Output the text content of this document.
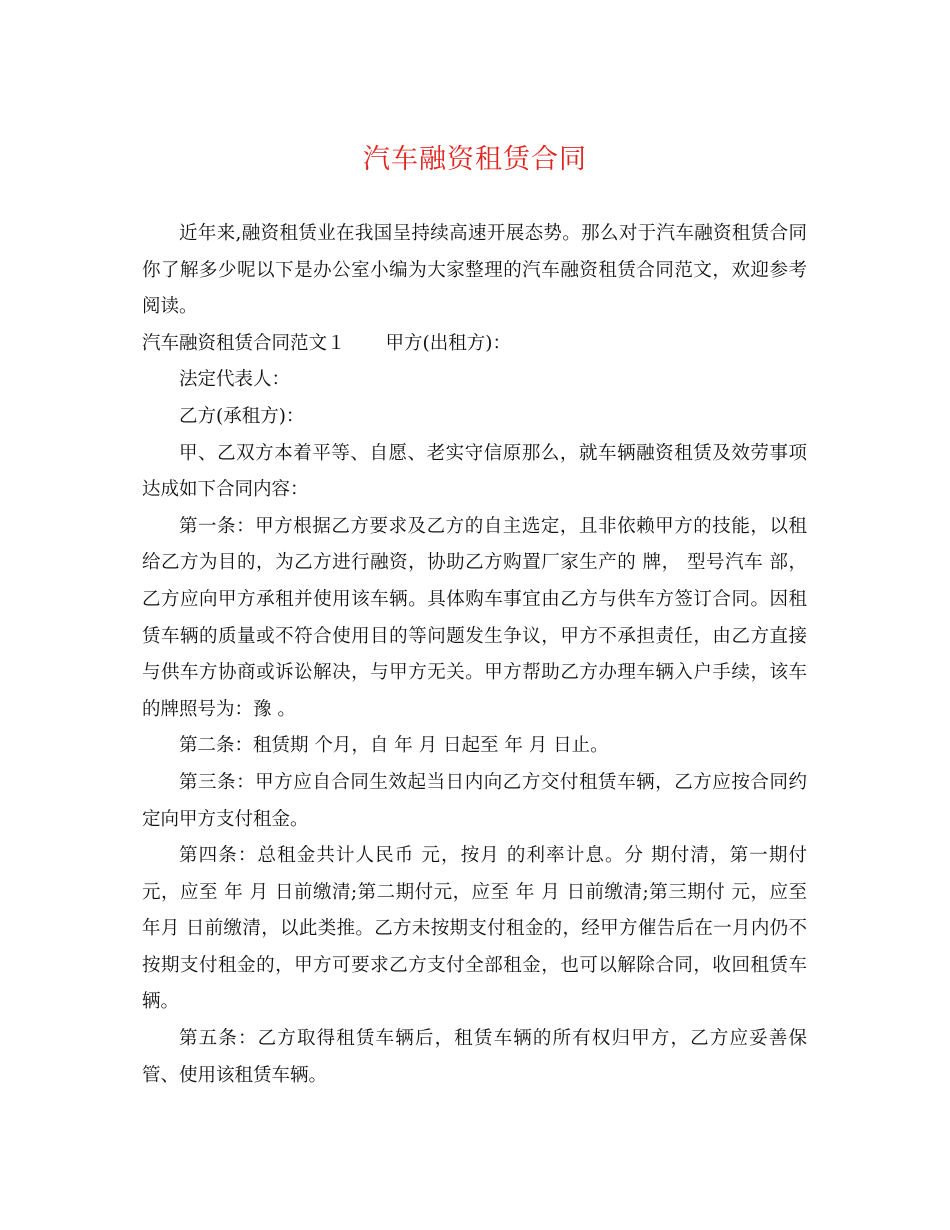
汽车融资租赁合同

近年来,融资租赁业在我国呈持续高速开展态势。那么对于汽车融资租赁合同你了解多少呢以下是办公室小编为大家整理的汽车融资租赁合同范文，欢迎参考阅读。

汽车融资租赁合同范文１ 甲方(出租方)：

法定代表人：

乙方(承租方)：

甲、乙双方本着平等、自愿、老实守信原那么，就车辆融资租赁及效劳事项达成如下合同内容：

第一条：甲方根据乙方要求及乙方的自主选定，且非依赖甲方的技能，以租给乙方为目的，为乙方进行融资，协助乙方购置厂家生产的 牌， 型号汽车 部，乙方应向甲方承租并使用该车辆。具体购车事宜由乙方与供车方签订合同。因租赁车辆的质量或不符合使用目的等问题发生争议，甲方不承担责任，由乙方直接与供车方协商或诉讼解决，与甲方无关。甲方帮助乙方办理车辆入户手续，该车的牌照号为：豫 。

第二条：租赁期 个月，自 年 月 日起至 年 月 日止。

第三条：甲方应自合同生效起当日内向乙方交付租赁车辆，乙方应按合同约定向甲方支付租金。

第四条：总租金共计人民币 元，按月 的利率计息。分 期付清，第一期付 元，应至 年 月 日前缴清;第二期付元，应至 年 月 日前缴清;第三期付 元，应至 年月 日前缴清，以此类推。乙方未按期支付租金的，经甲方催告后在一月内仍不按期支付租金的，甲方可要求乙方支付全部租金，也可以解除合同，收回租赁车辆。

第五条：乙方取得租赁车辆后，租赁车辆的所有权归甲方，乙方应妥善保管、使用该租赁车辆。
